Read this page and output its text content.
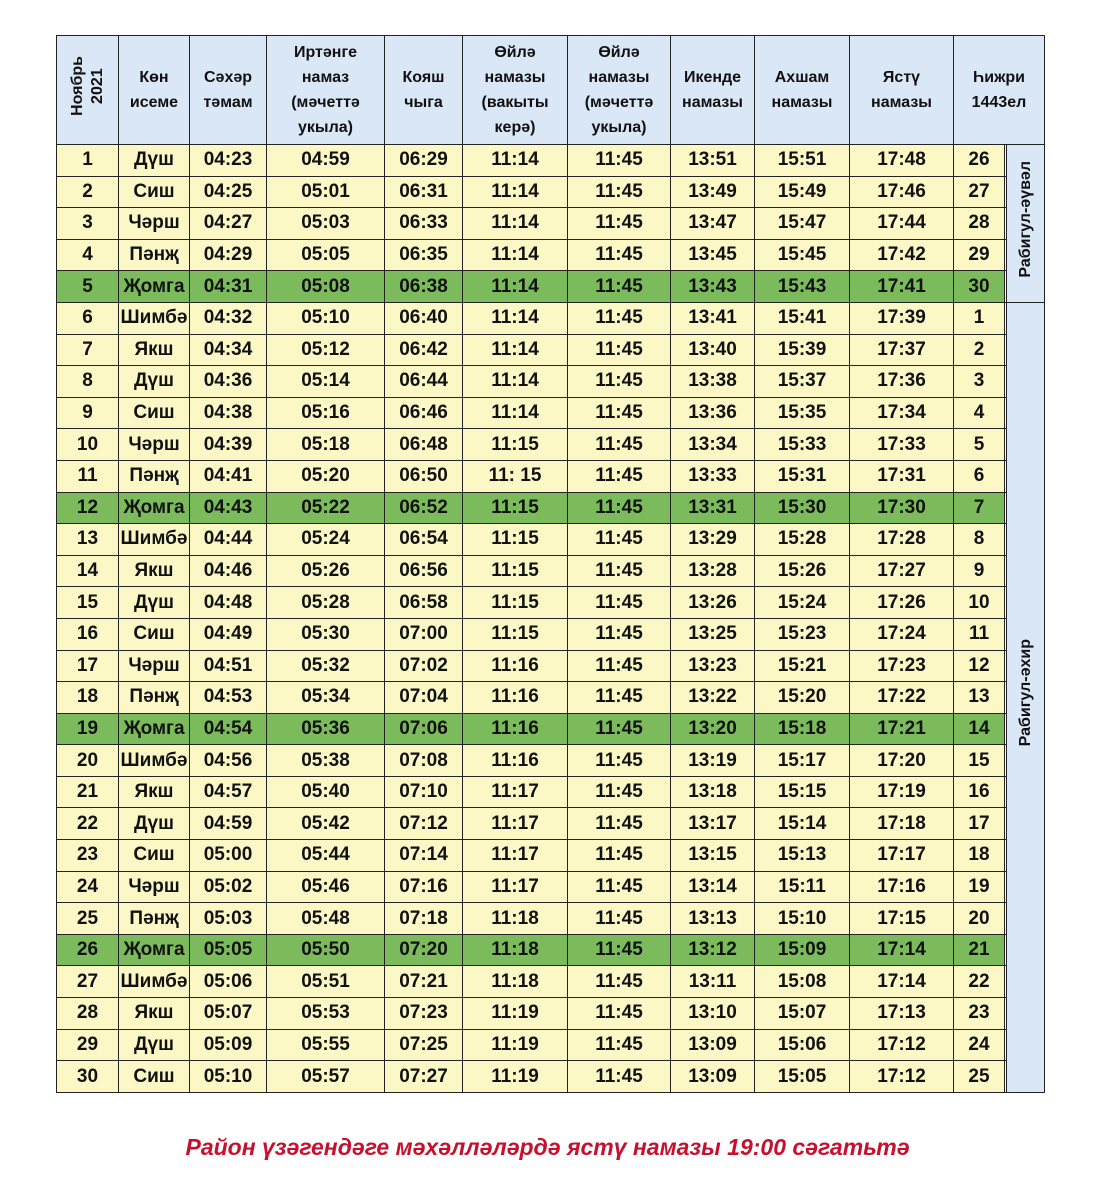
Ноябрь 2021	Көн
исеме	Сәхәр
тәмам	Иртәнге
намаз
(мәчеттә
укыла)	Кояш
чыга	Өйлә
намазы
(вакыты
керә)	Өйлә
намазы
(мәчеттә
укыла)	Икенде
намазы	Ахшам
намазы	Ястү
намазы	Һижри
1443ел		

1	Дүш	04:23	04:59	06:29	11:14	11:45	13:51	15:51	17:48	26		Рабигул-әүвәл
2	Сиш	04:25	05:01	06:31	11:14	11:45	13:49	15:49	17:46	27		
3	Чәрш	04:27	05:03	06:33	11:14	11:45	13:47	15:47	17:44	28		
4	Пәнҗ	04:29	05:05	06:35	11:14	11:45	13:45	15:45	17:42	29		
5	Җомга	04:31	05:08	06:38	11:14	11:45	13:43	15:43	17:41	30		
6	Шимбә	04:32	05:10	06:40	11:14	11:45	13:41	15:41	17:39	1		Рабигул-әхир
7	Якш	04:34	05:12	06:42	11:14	11:45	13:40	15:39	17:37	2		
8	Дүш	04:36	05:14	06:44	11:14	11:45	13:38	15:37	17:36	3		
9	Сиш	04:38	05:16	06:46	11:14	11:45	13:36	15:35	17:34	4		
10	Чәрш	04:39	05:18	06:48	11:15	11:45	13:34	15:33	17:33	5		
11	Пәнҗ	04:41	05:20	06:50	11: 15	11:45	13:33	15:31	17:31	6		
12	Җомга	04:43	05:22	06:52	11:15	11:45	13:31	15:30	17:30	7		
13	Шимбә	04:44	05:24	06:54	11:15	11:45	13:29	15:28	17:28	8		
14	Якш	04:46	05:26	06:56	11:15	11:45	13:28	15:26	17:27	9		
15	Дүш	04:48	05:28	06:58	11:15	11:45	13:26	15:24	17:26	10		
16	Сиш	04:49	05:30	07:00	11:15	11:45	13:25	15:23	17:24	11		
17	Чәрш	04:51	05:32	07:02	11:16	11:45	13:23	15:21	17:23	12		
18	Пәнҗ	04:53	05:34	07:04	11:16	11:45	13:22	15:20	17:22	13		
19	Җомга	04:54	05:36	07:06	11:16	11:45	13:20	15:18	17:21	14		
20	Шимбә	04:56	05:38	07:08	11:16	11:45	13:19	15:17	17:20	15		
21	Якш	04:57	05:40	07:10	11:17	11:45	13:18	15:15	17:19	16		
22	Дүш	04:59	05:42	07:12	11:17	11:45	13:17	15:14	17:18	17		
23	Сиш	05:00	05:44	07:14	11:17	11:45	13:15	15:13	17:17	18		
24	Чәрш	05:02	05:46	07:16	11:17	11:45	13:14	15:11	17:16	19		
25	Пәнҗ	05:03	05:48	07:18	11:18	11:45	13:13	15:10	17:15	20		
26	Җомга	05:05	05:50	07:20	11:18	11:45	13:12	15:09	17:14	21		
27	Шимбә	05:06	05:51	07:21	11:18	11:45	13:11	15:08	17:14	22		
28	Якш	05:07	05:53	07:23	11:19	11:45	13:10	15:07	17:13	23		
29	Дүш	05:09	05:55	07:25	11:19	11:45	13:09	15:06	17:12	24		
30	Сиш	05:10	05:57	07:27	11:19	11:45	13:09	15:05	17:12	25		
Район үзәгендәге мәхәлләләрдә ястү намазы 19:00 сәгатьтә
